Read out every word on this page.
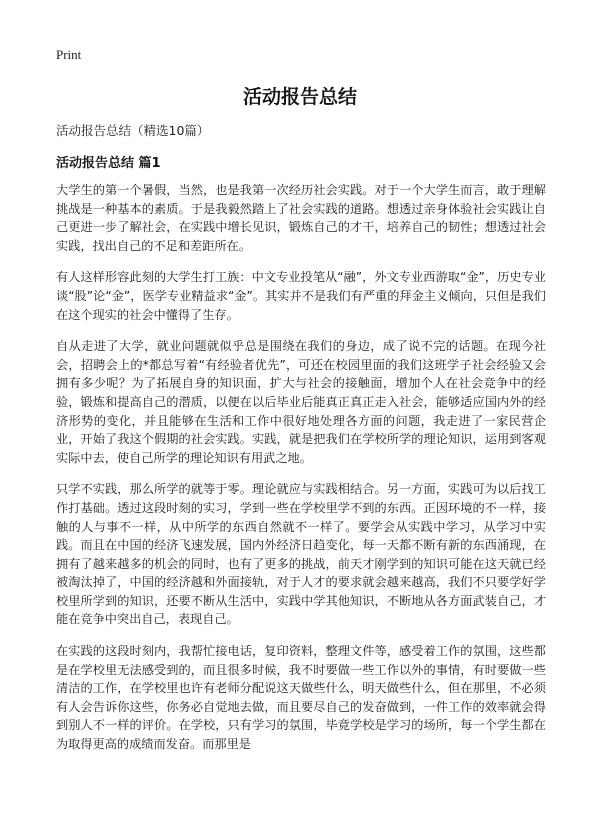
Print
活动报告总结
活动报告总结（精选10篇）
活动报告总结 篇1

大学生的第一个暑假，当然，也是我第一次经历社会实践。对于一个大学生而言，敢于理解挑战是一种基本的素质。于是我毅然踏上了社会实践的道路。想透过亲身体验社会实践让自己更进一步了解社会，在实践中增长见识，锻炼自己的才干，培养自己的韧性；想透过社会实践，找出自己的不足和差距所在。

有人这样形容此刻的大学生打工族：中文专业投笔从“融”，外文专业西游取“金”，历史专业谈“股”论“金”，医学专业精益求“金”。其实并不是我们有严重的拜金主义倾向，只但是我们在这个现实的社会中懂得了生存。

自从走进了大学，就业问题就似乎总是围绕在我们的身边，成了说不完的话题。在现今社会，招聘会上的*都总写着“有经验者优先”，可还在校园里面的我们这班学子社会经验又会拥有多少呢？为了拓展自身的知识面，扩大与社会的接触面，增加个人在社会竞争中的经验，锻炼和提高自己的潜质，以便在以后毕业后能真正真正走入社会，能够适应国内外的经济形势的变化，并且能够在生活和工作中很好地处理各方面的问题，我走进了一家民营企业，开始了我这个假期的社会实践。实践，就是把我们在学校所学的理论知识，运用到客观实际中去，使自己所学的理论知识有用武之地。

只学不实践，那么所学的就等于零。理论就应与实践相结合。另一方面，实践可为以后找工作打基础。透过这段时刻的实习，学到一些在学校里学不到的东西。正因环境的不一样，接触的人与事不一样，从中所学的东西自然就不一样了。要学会从实践中学习，从学习中实践。而且在中国的经济飞速发展，国内外经济日趋变化，每一天都不断有新的东西涌现，在拥有了越来越多的机会的同时，也有了更多的挑战，前天才刚学到的知识可能在这天就已经被淘汰掉了，中国的经济越和外面接轨，对于人才的要求就会越来越高，我们不只要学好学校里所学到的知识，还要不断从生活中，实践中学其他知识，不断地从各方面武装自己，才能在竞争中突出自己，表现自己。

在实践的这段时刻内，我帮忙接电话，复印资料，整理文件等，感受着工作的氛围，这些都是在学校里无法感受到的，而且很多时候，我不时要做一些工作以外的事情，有时要做一些清洁的工作，在学校里也许有老师分配说这天做些什么，明天做些什么，但在那里，不必须有人会告诉你这些，你务必自觉地去做，而且要尽自己的发奋做到，一件工作的效率就会得到别人不一样的评价。在学校，只有学习的氛围，毕竟学校是学习的场所，每一个学生都在为取得更高的成绩而发奋。而那里是
